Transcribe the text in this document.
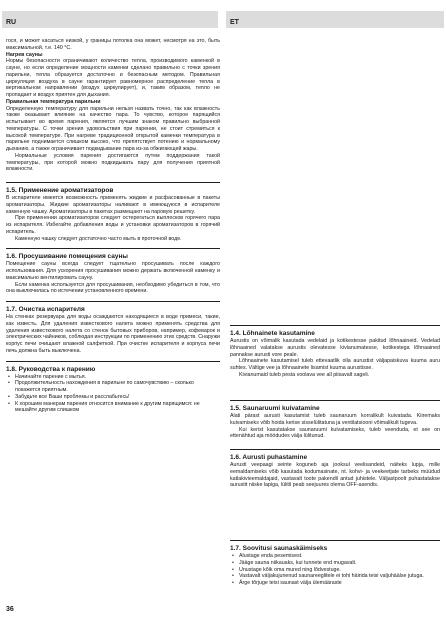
RU	ET

гося, и может касаться низкой, у границы потолка она может, несмотря на это, быть максимальной, т.е. 140 °С.

Нагрев сауны

Нормы безопасности ограничивают количество тепла, производимого каменкой в сауне, но если определение мощности каменки сделано правильно с точки зрения парильни, тепла образуется достаточно и безопасным методом. Правильная циркуляция воздуха в сауне гарантирует равномерное распределение тепла в вертикальном направлении (воздух циркулирует), и, таким образом, тепло не пропадает и воздух приятен для дыхания.

Правильная температура парильни

Определенную температуру для парильни нельзя назвать точно, так как влажность также оказывает влияние на качество пара. То чувство, которое парящийся испытывает во время парения, является лучшим знаком правильно выбранной температуры. С точки зрения удовольствия при парении, не стоит стремиться к высокой температуре. При нагреве традиционной открытой каменки температура в парильне поднимается слишком высоко, что препятствует потению и нормальному дыханию, а также ограничивает подкидывание пара из-за обжигающей жары.

Нормальные условия парения достигаются путем поддержания такой температуры, при которой можно подкидывать пару для получения приятной влажности.

1.5. Применение ароматизаторов

В испарителе имеется возможность применять жидкие и расфасованные в пакеты ароматизаторы. Жидкие ароматизаторы наливают в имеющуюся в испарителе каменную чашку. Ароматизаторы в пакетах размещают на паровую решетку.

При применении ароматизаторов следует остерегаться выплесков горячего пара из испарителя. Избегайте добавления воды и установки ароматизаторов в горячий испаритель.

Каменную чашку следует достаточно часто мыть в проточной воде.

1.6. Просушивание помещения сауны

Помещение сауны всегда следует тщательно просушивать после каждого использования. Для ускорения просушивания можно держать включенной каменку и максимально вентилировать сауну.

Если каменка используется для просушивания, необходимо убедиться в том, что она выключилась по истечении установленного времени.

1.7. Очистка испарителя

На стенках резервуара для воды осаждаются находящиеся в воде примеси, такие, как известь. Для удаления известкового налета можно применять средства для удаления известкового налета со стенок бытовых приборов, например, кофеварок и электрических чайников, соблюдая инструкции по применению этих средств. Снаружи корпус печи очищают влажной салфеткой. При очистке испарителя и корпуса печи печь должна быть выключена.

1.8. Руководства к парению
• Начинайте парение с мытья.
• Продолжительность нахождения в парильне по самочувствию – сколько покажется приятным.
• Забудьте все Ваши проблемы и расслабьтесь!
• К хорошим манерам парения относится внимание к другим парящимся: не мешайте другим слишком
1.4. Lõhnainete kasutamine

Aurustis on võimalik kasutada vedelaid ja kotikestesse pakitud lõhnaaineid. Vedelad lõhnaained valatakse aurustis olevatesse kivianumatesse, kotikestega lõhnaained pannakse aurusti vore peale.

Lõhnaainete kasutamisel tuleb ettevaatlik olla aurustist väljapaiskuva kuuma auru suhtes. Vältige vee ja lõhnaainete lisamist kuuma aurustisse.

Kivianumaid tuleb pesta voolava vee all piisavalt sageli.

1.5. Saunaruumi kuivatamine

Alati pärast aurusti kasutamist tuleb saunaruum korralikult kuivatada. Kiiremaks kuivamiseks võib hoida kerise sisselülitatuna ja ventilatsiooni võimalikult tugeva.

Kui kerist kasutatakse saunaruumi kuivatamiseks, tuleb veenduda, et see on ettenähtud aja möödudes välja lülitunud.

1.6. Aurusti puhastamine

Aurusti veepaagi seinte koguneb aja jooksul veelisandeid, näiteks lupja, mille eemaldamiseks võib kasutada kodumasinate, nt. kohvi- ja veekeetjate tarbeks müüdud katlakivieemaldajaid, vastavalt toote pakendil antud juhistele. Väljastpoolt puhastatakse aurustit niiske lapiga, lülitil peab seejuures olema OFF-asendis.

1.7. Soovitusi saunaskäimiseks
• Alustage enda pesemisest.
• Jääge sauna niikauaks, kui tunnete end mugavalt.
• Unustage kõik oma mured ning lõdvestuge.
• Vastavalt väljakujunenud saunareeglitele ei tohi häirida teisi valjuhäälse jutuga.
• Ärge tõrjuge teisi saunast välja ülemääraste
36
